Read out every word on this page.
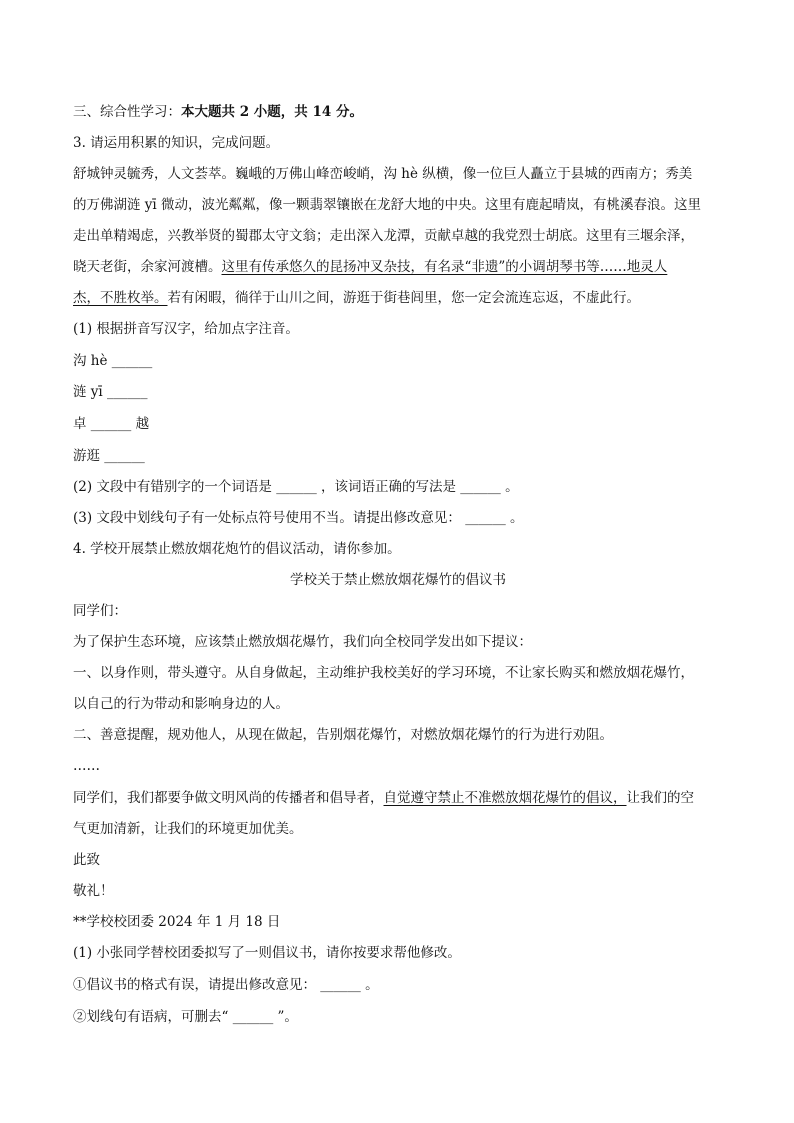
三、综合性学习：本大题共 2 小题，共 14 分。
3. 请运用积累的知识，完成问题。
舒城钟灵毓秀，人文荟萃。巍峨的万佛山峰峦峻峭，沟 hè 纵横，像一位巨人矗立于县城的西南方；秀美
的万佛湖涟 yī 微动，波光粼粼，像一颗翡翠镶嵌在龙舒大地的中央。这里有鹿起晴岚，有桃溪春浪。这里
走出单精竭虑，兴教举贤的蜀郡太守文翁；走出深入龙潭，贡献卓越的我党烈士胡底。这里有三堰余泽，
晓天老街，余家河渡槽。这里有传承悠久的昆扬冲叉杂技，有名录“非遗”的小调胡琴书等……地灵人
杰，不胜枚举。若有闲暇，徜徉于山川之间，游逛于街巷闾里，您一定会流连忘返，不虚此行。
(1) 根据拼音写汉字，给加点字注音。
沟 hè ______
涟 yī ______
卓 ______ 越
游逛 ______
(2) 文段中有错别字的一个词语是 ______ ，该词语正确的写法是 ______ 。
(3) 文段中划线句子有一处标点符号使用不当。请提出修改意见： ______ 。
4. 学校开展禁止燃放烟花炮竹的倡议活动，请你参加。
学校关于禁止燃放烟花爆竹的倡议书
同学们：
为了保护生态环境，应该禁止燃放烟花爆竹，我们向全校同学发出如下提议：
一、以身作则，带头遵守。从自身做起，主动维护我校美好的学习环境，不让家长购买和燃放烟花爆竹，
以自己的行为带动和影响身边的人。
二、善意提醒，规劝他人，从现在做起，告别烟花爆竹，对燃放烟花爆竹的行为进行劝阻。
……
同学们，我们都要争做文明风尚的传播者和倡导者，自觉遵守禁止不准燃放烟花爆竹的倡议，让我们的空
气更加清新，让我们的环境更加优美。
此致
敬礼！
**学校校团委 2024 年 1 月 18 日
(1) 小张同学替校团委拟写了一则倡议书，请你按要求帮他修改。
①倡议书的格式有误，请提出修改意见： ______ 。
②划线句有语病，可删去“ ______ ”。
